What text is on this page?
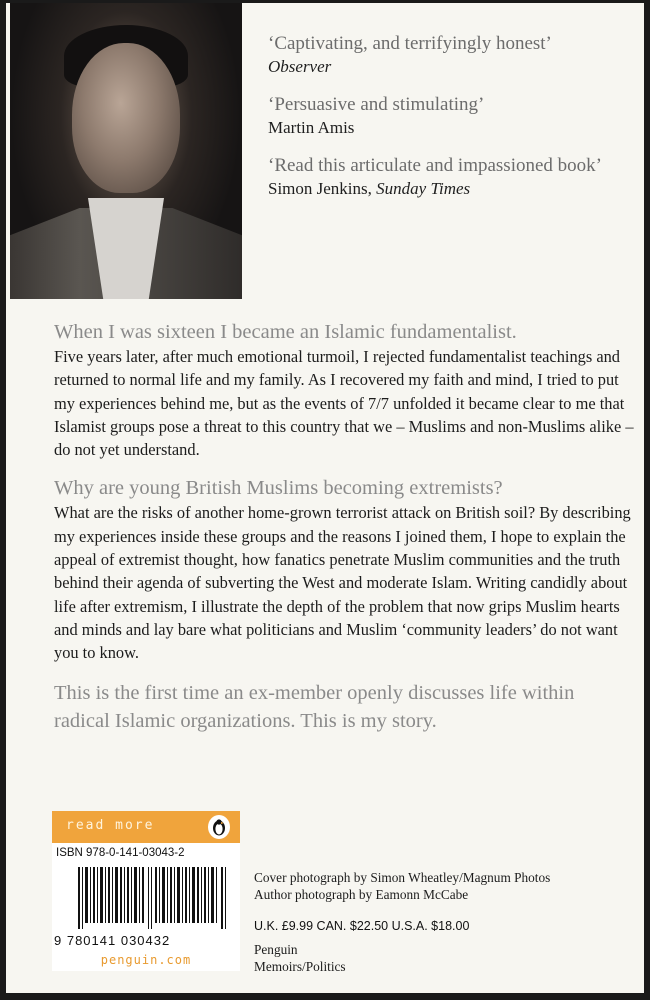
‘Captivating, and terrifyingly honest’
Observer
‘Persuasive and stimulating’
Martin Amis
‘Read this articulate and impassioned book’
Simon Jenkins, Sunday Times
When I was sixteen I became an Islamic fundamentalist.
Five years later, after much emotional turmoil, I rejected fundamentalist teachings and returned to normal life and my family. As I recovered my faith and mind, I tried to put my experiences behind me, but as the events of 7/7 unfolded it became clear to me that Islamist groups pose a threat to this country that we – Muslims and non-Muslims alike – do not yet understand.
Why are young British Muslims becoming extremists?
What are the risks of another home-grown terrorist attack on British soil? By describing my experiences inside these groups and the reasons I joined them, I hope to explain the appeal of extremist thought, how fanatics penetrate Muslim communities and the truth behind their agenda of subverting the West and moderate Islam. Writing candidly about life after extremism, I illustrate the depth of the problem that now grips Muslim hearts and minds and lay bare what politicians and Muslim ‘community leaders’ do not want you to know.
This is the first time an ex-member openly discusses life within radical Islamic organizations. This is my story.
read more
ISBN 978-0-141-03043-2
9 780141 030432
penguin.com
Cover photograph by Simon Wheatley/Magnum Photos
Author photograph by Eamonn McCabe
U.K. £9.99 CAN. $22.50 U.S.A. $18.00
Penguin
Memoirs/Politics
